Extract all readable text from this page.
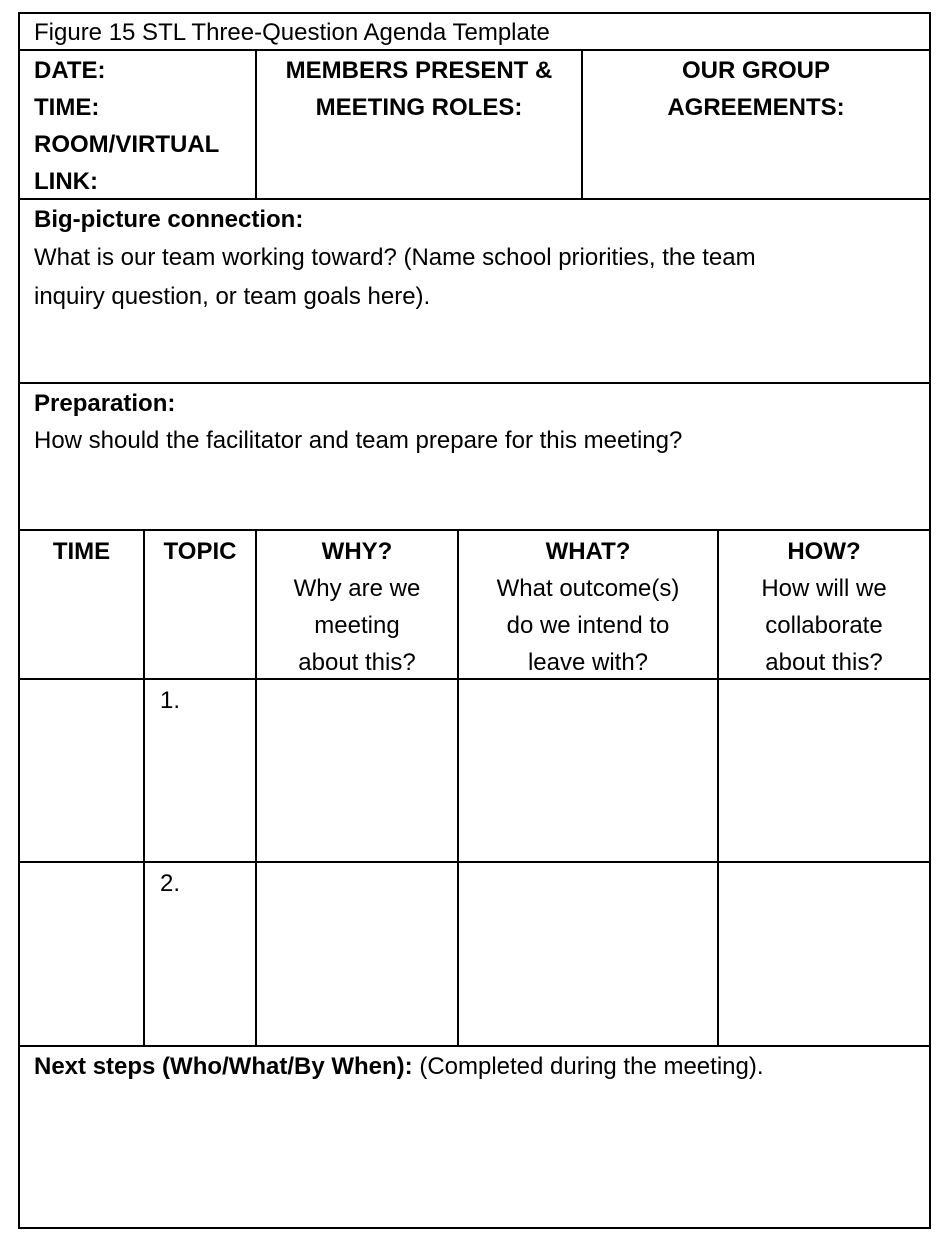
Figure 15 STL Three-Question Agenda Template
DATE:
TIME:
ROOM/VIRTUAL
LINK:
MEMBERS PRESENT &
MEETING ROLES:
OUR GROUP
AGREEMENTS:
Big-picture connection:
What is our team working toward? (Name school priorities, the team
inquiry question, or team goals here).
Preparation:
How should the facilitator and team prepare for this meeting?
TIME	TOPIC	WHY?
Why are we
meeting
about this?
WHAT?
What outcome(s)
do we intend to
leave with?
HOW?
How will we
collaborate
about this?
1.
2.
Next steps (Who/What/By When): (Completed during the meeting).
